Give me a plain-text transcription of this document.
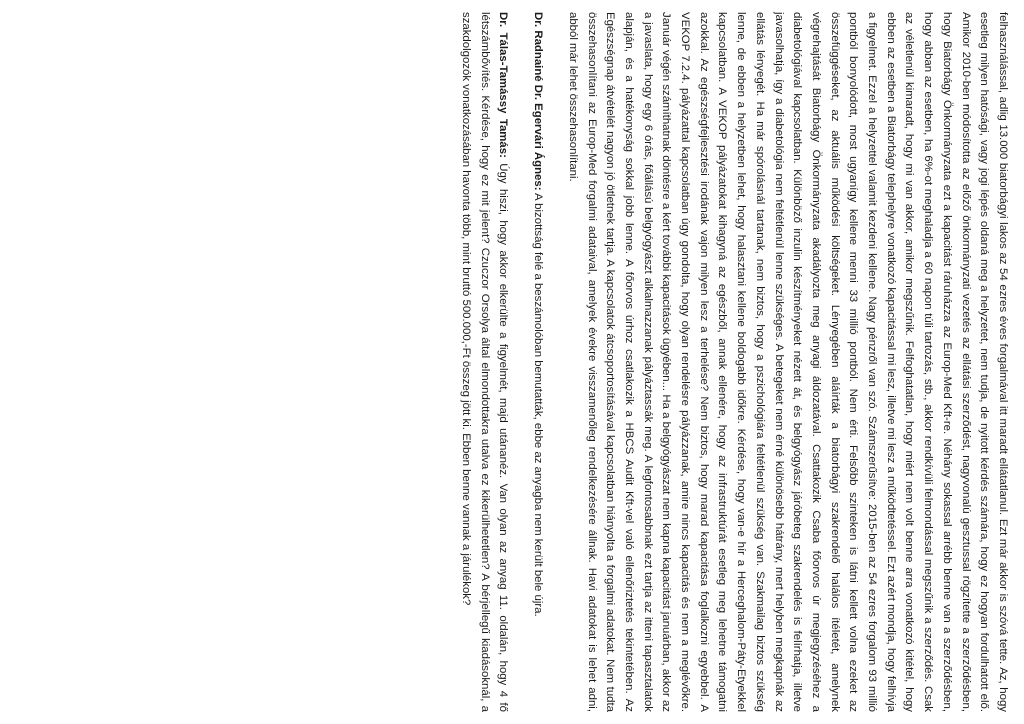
felhasználással, adlig 13.000 biatorbágyi lakos az 54 ezres éves forgalmával itt maradt ellátatlanul. Ezt már akkor is szóvá tette. Az, hogy esetleg milyen hatósági, vagy jogi lépés oldaná meg a helyzetet, nem tudja, de nyitott kérdés számára, hogy ez hogyan fordulhatott elő. Amikor 2010-ben módosította az előző önkormányzati vezetés az ellátási szerződést, nagyvonalú gesztussal rögzítette a szerződésben, hogy Biatorbágy Önkormányzata ezt a kapacitást ráruházza az Europ-Med Kft-re. Néhány sokassal arrébb benne van a szerződésben, hogy abban az esetben, ha 6%-ot meghaladja a 60 napon túli tartozás, stb., akkor rendkívüli felmondással megszűnik a szerződés. Csak az véletlenül kimaradt, hogy mi van akkor, amikor megszűnik. Felfoghatatlan, hogy miért nem volt benne arra vonatkozó kitétel, hogy ebben az esetben a Biatorbágy telephelyre vonatkozó kapacitással mi lesz, illetve mi lesz a működtetéssel. Ezt azért mondja, hogy felhívja a figyelmet. Ezzel a helyzettel valamit kezdeni kellene. Nagy pénzről van szó. Számszerűsítve: 2015-ben az 54 ezres forgalom 93 millió pontból bonyolódott, most ugyanígy kellene menni 33 millió pontból. Nem érti. Felsőbb szinteken is látni kellett volna ezeket az összefüggéseket, az aktuális működési költségeket. Lényegében aláírták a biatorbágyi szakrendelő halálos ítéletét, amelynek végrehajtását Biatorbágy Önkormányzata akadályozta meg anyagi áldozatával. Csattakozik Csaba főorvos úr megjegyzéséhez a diabetológiával kapcsolatban. Különböző inzulin készítményeket nézett át, és belgyógyász járóbeteg szakrendelés is felírhatja, illetve javasolhatja, így a diabetológia nem feltétlenül lenne szükséges. A betegeket nem érné különösebb hátrány, mert helyben megkapnák az ellátás lényegét. Ha már spórolásnál tartanak, nem biztos, hogy a pszichológiára feltétlenül szükség van. Szakmailag biztos szükség lenne, de ebben a helyzetben lehet, hogy halasztani kellene boldogabb időkre. Kérdése, hogy van-e hír a Herceghalom-Páty-Etyekkel kapcsolatban. A VEKOP pályázatokat kihagyná az egészből, annak ellenére, hogy az infrastruktúrát esetleg meg lehetne támogatni azokkal. Az egészségfejlesztési irodának vajon milyen lesz a terhelése? Nem biztos, hogy marad kapacitása foglalkozni egyebbel. A VEKOP 7.2.4. pályázattal kapcsolatban úgy gondolta, hogy olyan rendelésre pályázzanak, amire nincs kapacitás és nem a meglévőkre. Január végén számíthatnak döntésre a kért további kapacitások ügyében... Ha a belgyógyászat nem kapna kapacitást januárban, akkor az a javaslata, hogy egy 6 órás, főállású belgyógyászt alkalmazzanak pályáztassák meg. A legfontosabbnak ezt tartja az itteni tapasztalatok alapján, és a hatékonyság sokkal jobb lenne. A főorvos úrhoz csatlakozik a HBCS Audit Kft-vel való ellenőriztetés tekintetében. Az Egészségnap átvételét nagyon jó ötletnek tartja. A kapcsolatok átcsoportosításával kapcsolatban hiányolta a forgalmi adatokat. Nem tudta összehasonlítani az Europ-Med forgalmi adataival, amelyek évekre visszamenőleg rendelkezésére állnak. Havi adatokat is lehet adni, abból már lehet összehasonlítani.

Dr. Radnainé Dr. Egervári Ágnes: A bizottság felé a beszámolóban bemutatták, ebbe az anyagba nem került bele újra.

Dr. Tálas-Tamássy Tamás: Úgy hiszi, hogy akkor elkerülte a figyelmét, majd utánanéz. Van olyan az anyag 11. oldalán, hogy 4 fő létszámbővítés. Kérdése, hogy ez mit jelent? Czuczor Orsolya által elmondottakra utalva ez kikerülhetetlen? A bérjellegű kiadásoknál, a szakdolgozók vonatkozásában havonta több, mint bruttó 500.000,-Ft összeg jött ki. Ebben benne vannak a járulékok?
